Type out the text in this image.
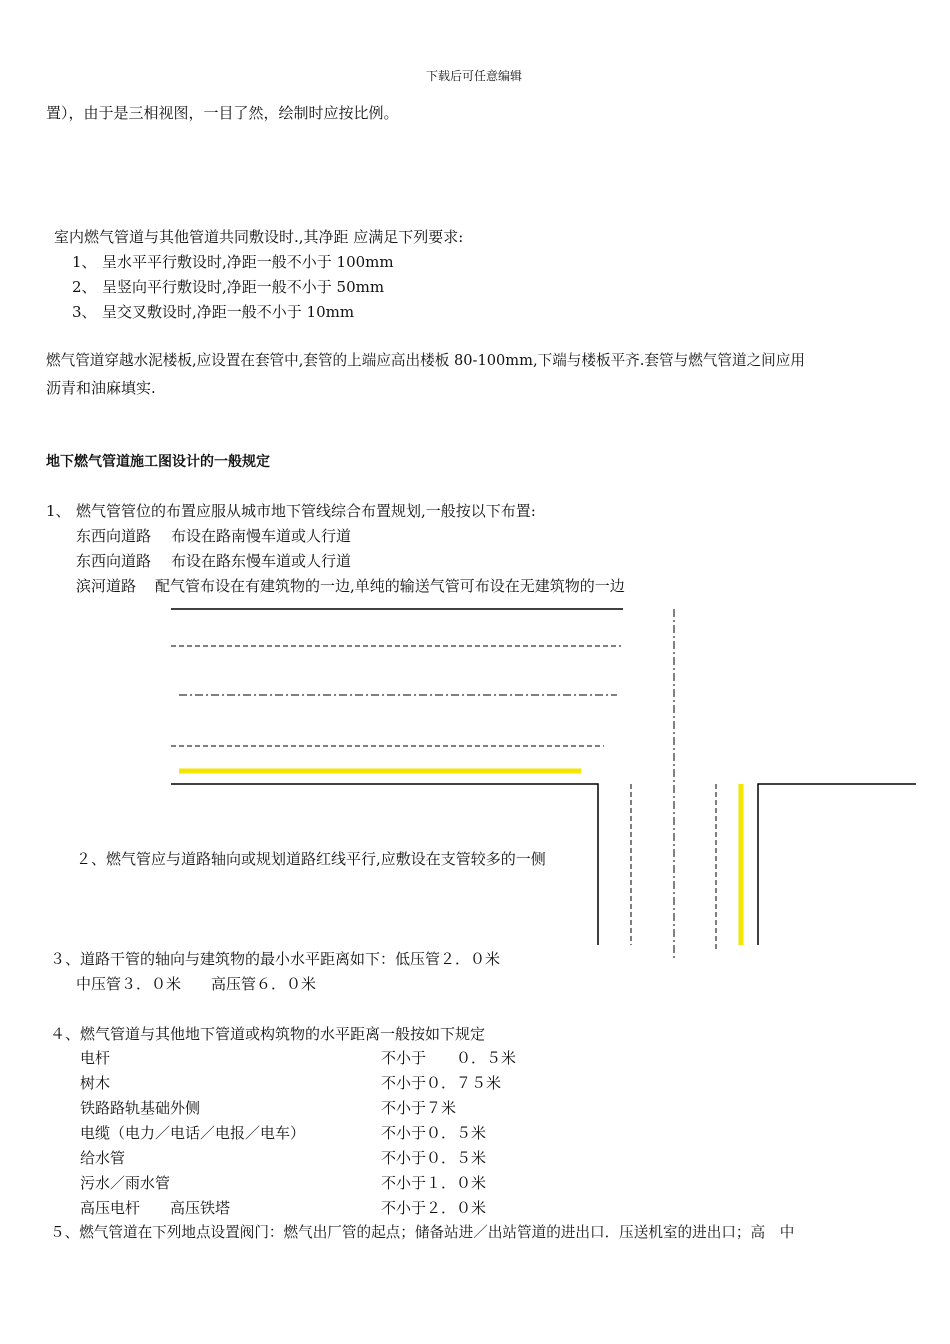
下载后可任意编辑
置），由于是三相视图，一目了然，绘制时应按比例。
室内燃气管道与其他管道共同敷设时.,其净距 应满足下列要求:
1、 呈水平平行敷设时,净距一般不小于 100mm
2、 呈竖向平行敷设时,净距一般不小于 50mm
3、 呈交叉敷设时,净距一般不小于 10mm
燃气管道穿越水泥楼板,应设置在套管中,套管的上端应高出楼板 80-100mm,下端与楼板平齐.套管与燃气管道之间应用
沥青和油麻填实.
地下燃气管道施工图设计的一般规定
1、 燃气管管位的布置应服从城市地下管线综合布置规划,一般按以下布置:
东西向道路 布设在路南慢车道或人行道
东西向道路 布设在路东慢车道或人行道
滨河道路 配气管布设在有建筑物的一边,单纯的输送气管可布设在无建筑物的一边
２、燃气管应与道路轴向或规划道路红线平行,应敷设在支管较多的一侧
３、道路干管的轴向与建筑物的最小水平距离如下：低压管２．０米
中压管３．０米　　高压管６．０米
４、燃气管道与其他地下管道或构筑物的水平距离一般按如下规定
电杆	不小于　　０．５米
树木	不小于０．７５米
铁路路轨基础外侧	不小于７米
电缆（电力／电话／电报／电车）	不小于０．５米
给水管	不小于０．５米
污水／雨水管	不小于１．０米
高压电杆　　高压铁塔	不小于２．０米
５、燃气管道在下列地点设置阀门：燃气出厂管的起点；储备站进／出站管道的进出口．压送机室的进出口；高　中
